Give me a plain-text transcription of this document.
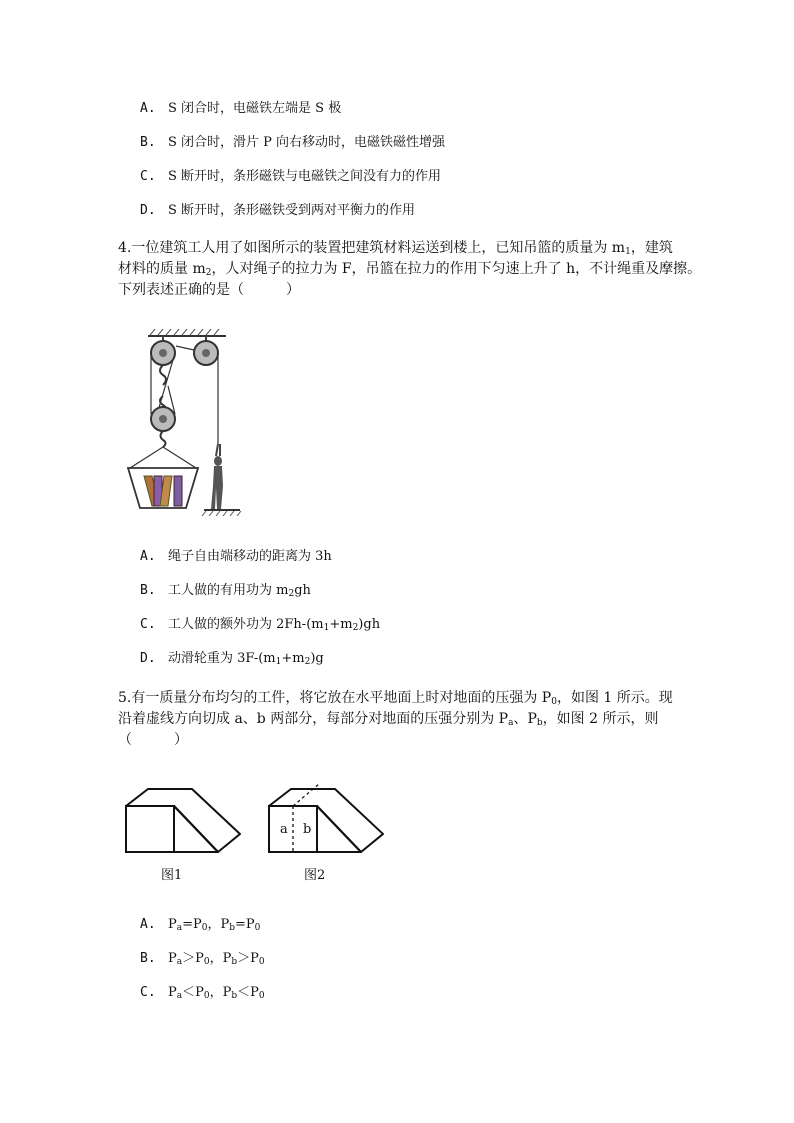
A. S 闭合时，电磁铁左端是 S 极
B. S 闭合时，滑片 P 向右移动时，电磁铁磁性增强
C. S 断开时，条形磁铁与电磁铁之间没有力的作用
D. S 断开时，条形磁铁受到两对平衡力的作用
4.一位建筑工人用了如图所示的装置把建筑材料运送到楼上，已知吊篮的质量为 $m_1$，建筑
材料的质量 $m_2$，人对绳子的拉力为 F，吊篮在拉力的作用下匀速上升了 h，不计绳重及摩擦。
下列表述正确的是（　　　）
A. 绳子自由端移动的距离为 3h
B. 工人做的有用功为 $m_2gh$
C. 工人做的额外功为 $2Fh-(m_1+m_2)gh$
D. 动滑轮重为 $3F-(m_1+m_2)g$
5.有一质量分布均匀的工件，将它放在水平地面上时对地面的压强为 $P_0$，如图 1 所示。现
沿着虚线方向切成 a、b 两部分，每部分对地面的压强分别为 $P_a$、$P_b$，如图 2 所示，则
（　　　）
图1
a b
图2
A. $P_a=P_0$，$P_b=P_0$
B. $P_a>P_0$，$P_b>P_0$
C. $P_a<P_0$，$P_b<P_0$
